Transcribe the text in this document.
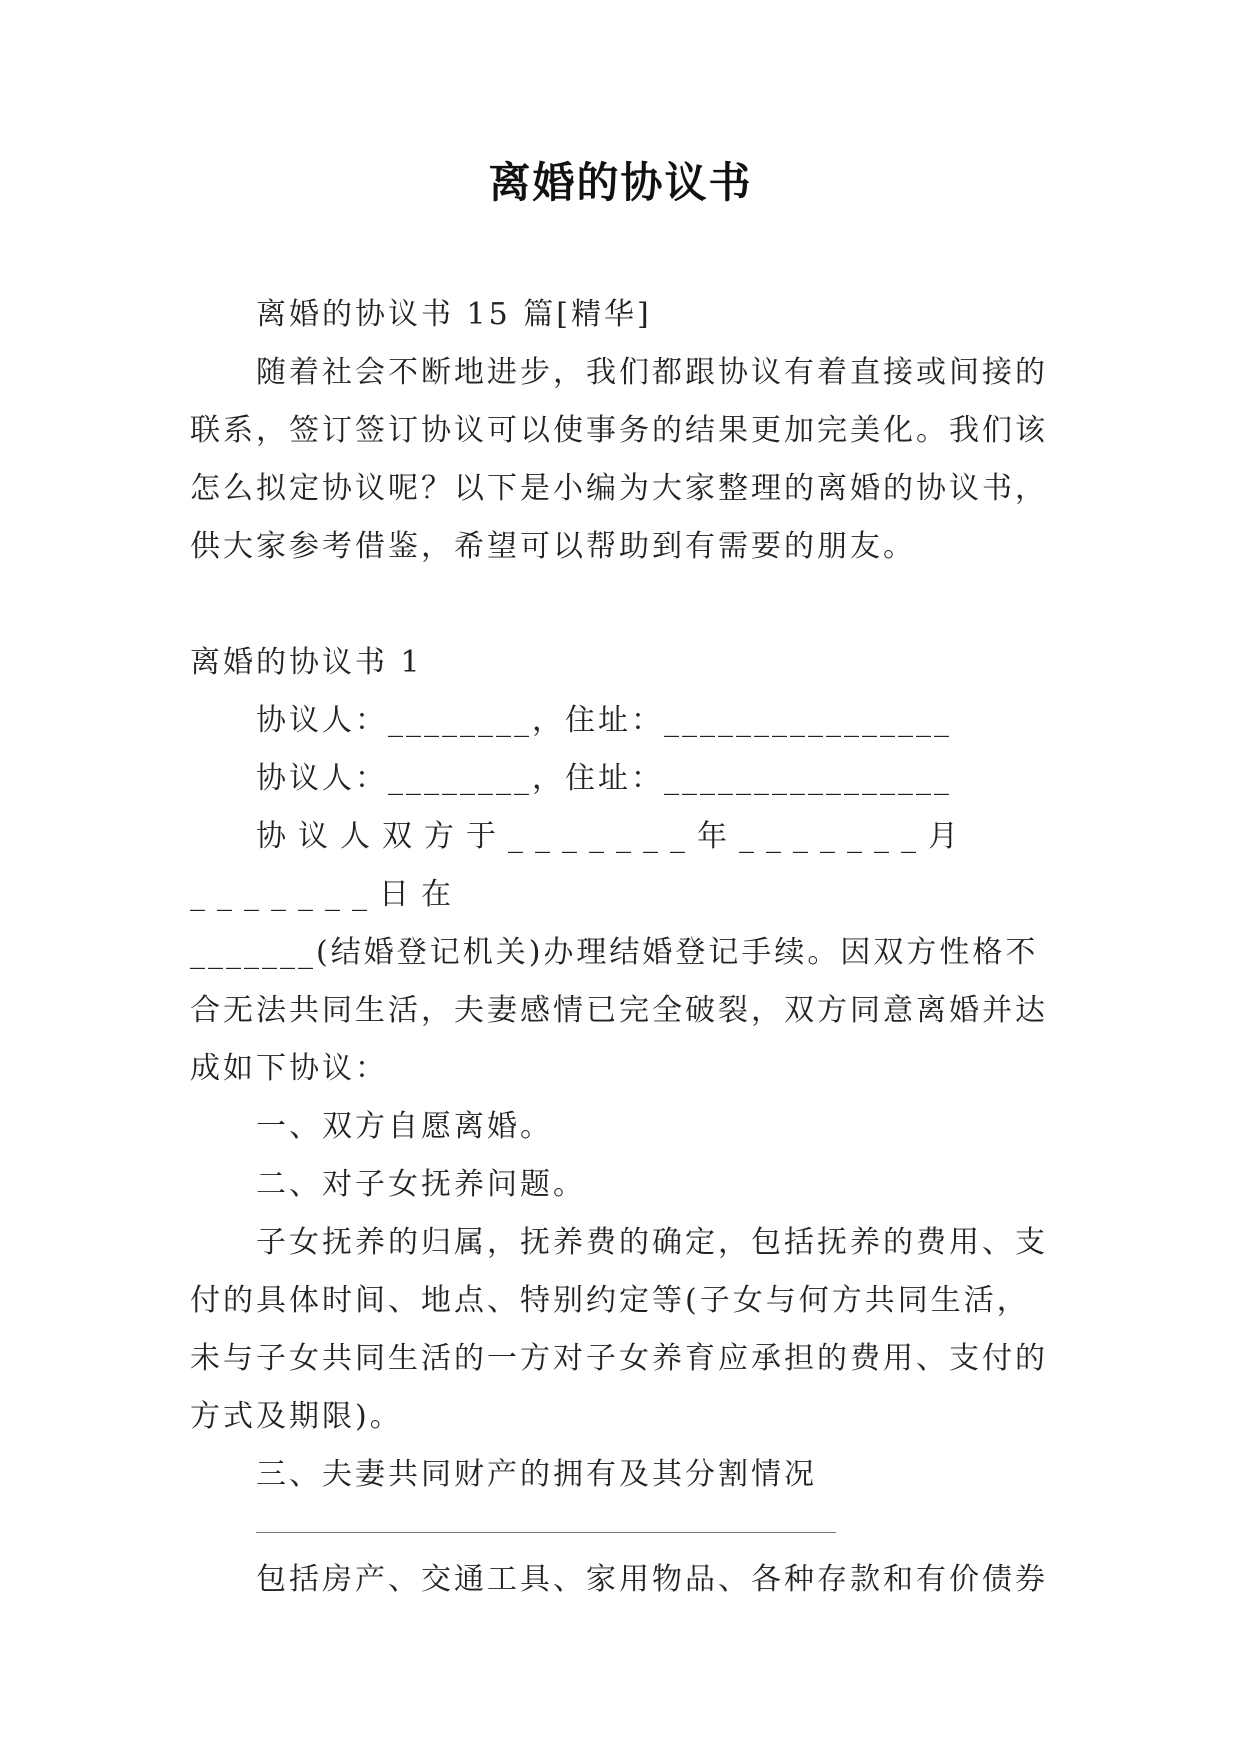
离婚的协议书

离婚的协议书 15 篇[精华]

随着社会不断地进步，我们都跟协议有着直接或间接的联系，签订签订协议可以使事务的结果更加完美化。我们该怎么拟定协议呢？以下是小编为大家整理的离婚的协议书，供大家参考借鉴，希望可以帮助到有需要的朋友。

离婚的协议书 1

协议人：________，住址：________________

协议人：________，住址：________________

协议人双方于_______年_______月_______日在

_______(结婚登记机关)办理结婚登记手续。因双方性格不合无法共同生活，夫妻感情已完全破裂，双方同意离婚并达成如下协议：

一、双方自愿离婚。

二、对子女抚养问题。

子女抚养的归属，抚养费的确定，包括抚养的费用、支付的具体时间、地点、特别约定等(子女与何方共同生活，未与子女共同生活的一方对子女养育应承担的费用、支付的方式及期限)。

三、夫妻共同财产的拥有及其分割情况

包括房产、交通工具、家用物品、各种存款和有价债券
